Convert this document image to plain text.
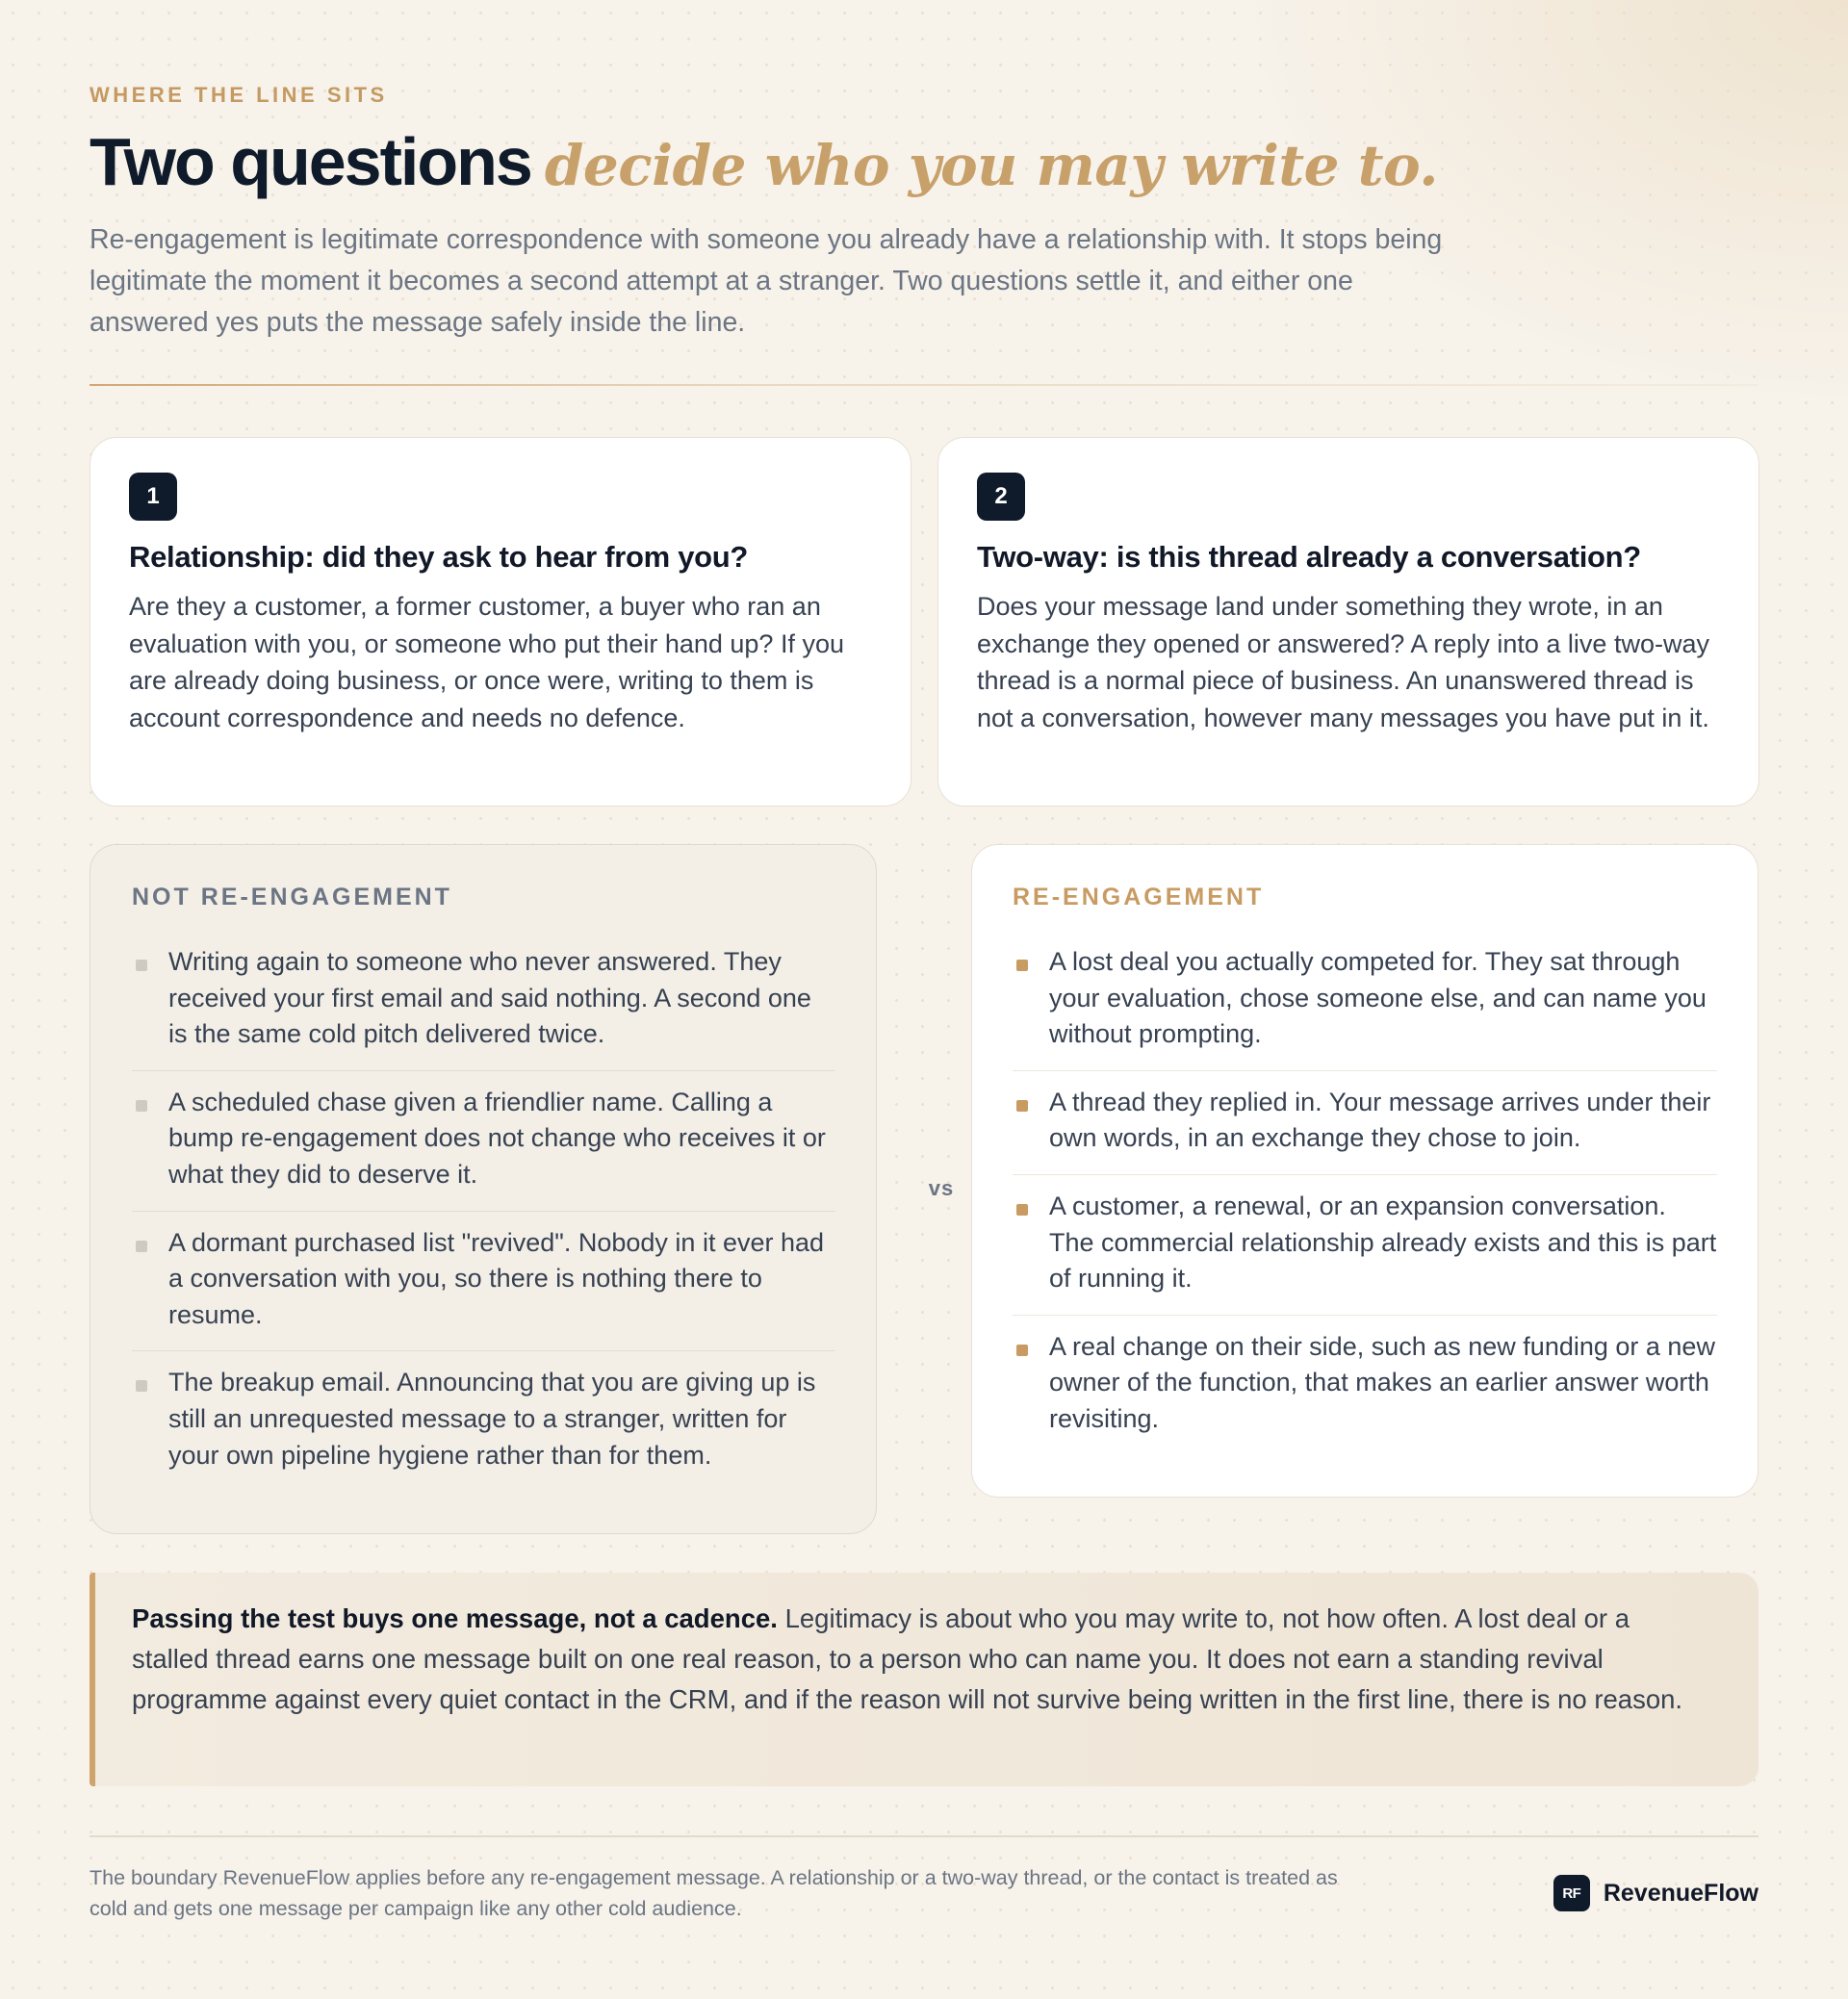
WHERE THE LINE SITS
Two questions decide who you may write to.

Re-engagement is legitimate correspondence with someone you already have a relationship with. It stops being legitimate the moment it becomes a second attempt at a stranger. Two questions settle it, and either one answered yes puts the message safely inside the line.

1
Relationship: did they ask to hear from you?
Are they a customer, a former customer, a buyer who ran an evaluation with you, or someone who put their hand up? If you are already doing business, or once were, writing to them is account correspondence and needs no defence.
2
Two-way: is this thread already a conversation?
Does your message land under something they wrote, in an exchange they opened or answered? A reply into a live two-way thread is a normal piece of business. An unanswered thread is not a conversation, however many messages you have put in it.
NOT RE-ENGAGEMENT
Writing again to someone who never answered. They received your first email and said nothing. A second one is the same cold pitch delivered twice.
A scheduled chase given a friendlier name. Calling a bump re-engagement does not change who receives it or what they did to deserve it.
A dormant purchased list "revived". Nobody in it ever had a conversation with you, so there is nothing there to resume.
The breakup email. Announcing that you are giving up is still an unrequested message to a stranger, written for your own pipeline hygiene rather than for them.
vs
RE-ENGAGEMENT
A lost deal you actually competed for. They sat through your evaluation, chose someone else, and can name you without prompting.
A thread they replied in. Your message arrives under their own words, in an exchange they chose to join.
A customer, a renewal, or an expansion conversation. The commercial relationship already exists and this is part of running it.
A real change on their side, such as new funding or a new owner of the function, that makes an earlier answer worth revisiting.
Passing the test buys one message, not a cadence. Legitimacy is about who you may write to, not how often. A lost deal or a stalled thread earns one message built on one real reason, to a person who can name you. It does not earn a standing revival programme against every quiet contact in the CRM, and if the reason will not survive being written in the first line, there is no reason.

The boundary RevenueFlow applies before any re-engagement message. A relationship or a two-way thread, or the contact is treated as cold and gets one message per campaign like any other cold audience.

RF RevenueFlow
